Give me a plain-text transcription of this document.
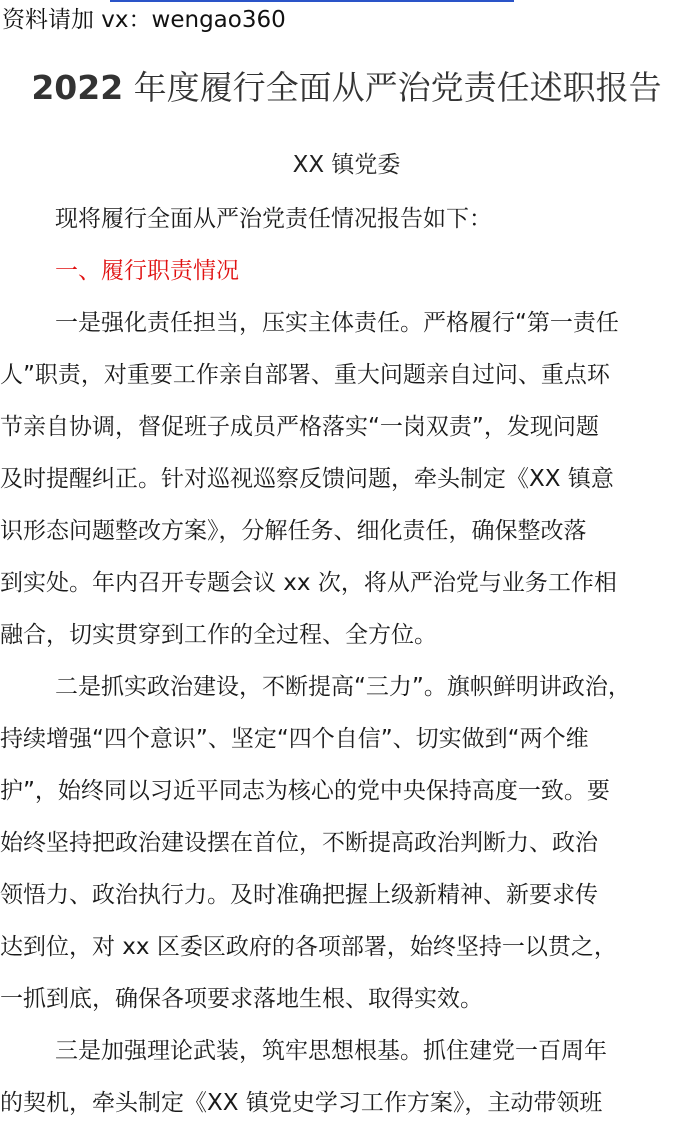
资料请加 vx：wengao360
2022 年度履行全面从严治党责任述职报告
XX 镇党委
现将履行全面从严治党责任情况报告如下：
一、履行职责情况
一是强化责任担当，压实主体责任。严格履行“第一责任
人”职责，对重要工作亲自部署、重大问题亲自过问、重点环
节亲自协调，督促班子成员严格落实“一岗双责”，发现问题
及时提醒纠正。针对巡视巡察反馈问题，牵头制定《XX 镇意
识形态问题整改方案》，分解任务、细化责任，确保整改落
到实处。年内召开专题会议 xx 次，将从严治党与业务工作相
融合，切实贯穿到工作的全过程、全方位。
二是抓实政治建设，不断提高“三力”。旗帜鲜明讲政治，
持续增强“四个意识”、坚定“四个自信”、切实做到“两个维
护”，始终同以习近平同志为核心的党中央保持高度一致。要
始终坚持把政治建设摆在首位，不断提高政治判断力、政治
领悟力、政治执行力。及时准确把握上级新精神、新要求传
达到位，对 xx 区委区政府的各项部署，始终坚持一以贯之，
一抓到底，确保各项要求落地生根、取得实效。
三是加强理论武装，筑牢思想根基。抓住建党一百周年
的契机，牵头制定《XX 镇党史学习工作方案》，主动带领班
